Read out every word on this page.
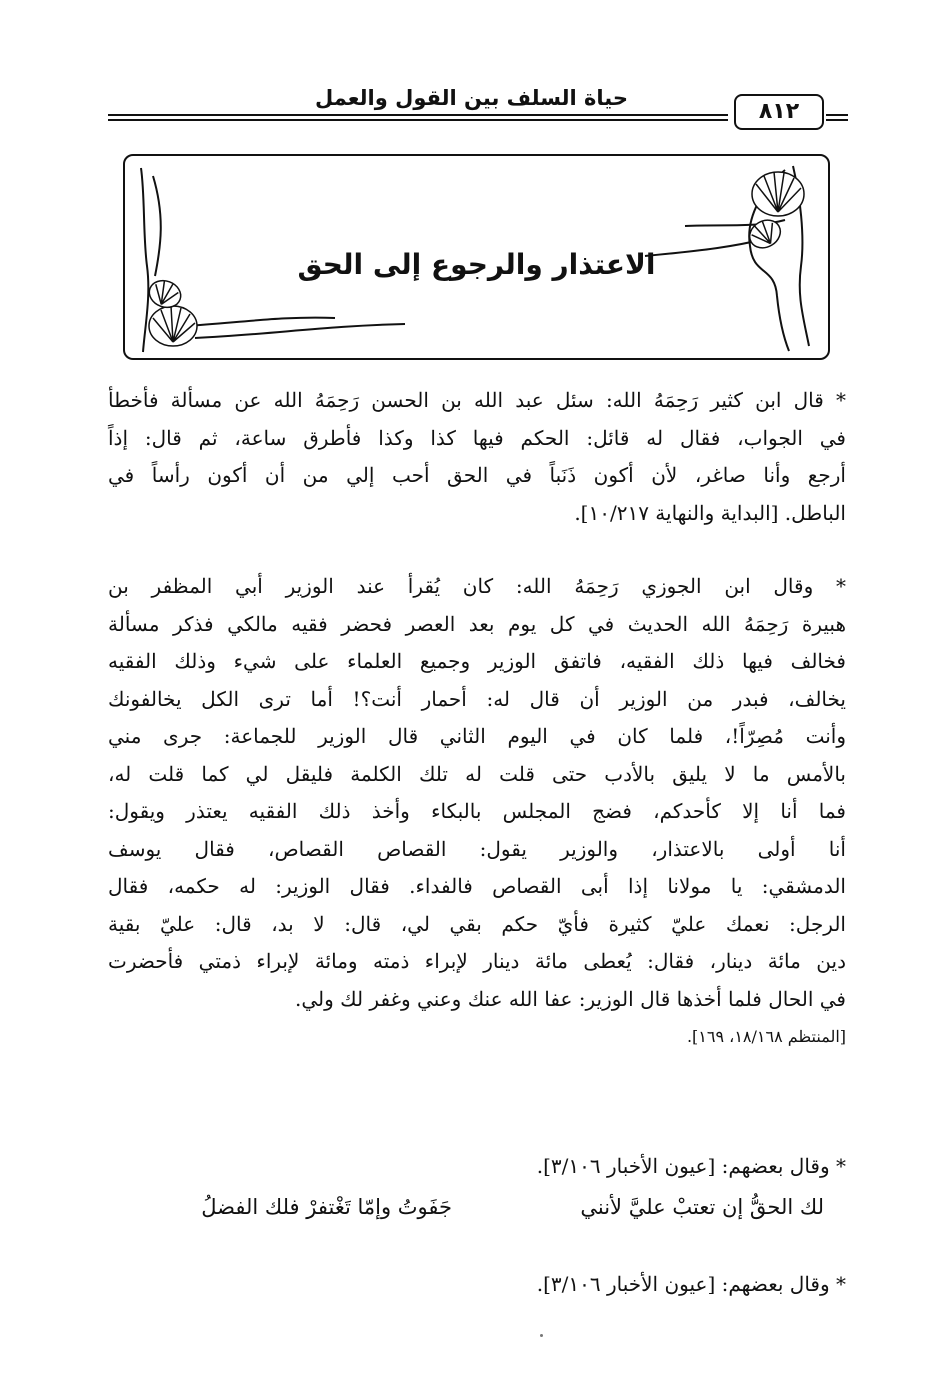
حياة السلف بين القول والعمل
٨١٢
الاعتذار والرجوع إلى الحق
* قال ابن كثير رَحِمَهُ الله: سئل عبد الله بن الحسن رَحِمَهُ الله عن مسألة فأخطأ
في الجواب، فقال له قائل: الحكم فيها كذا وكذا فأطرق ساعة، ثم قال: إذاً
أرجع وأنا صاغر، لأن أكون ذَنَباً في الحق أحب إلي من أن أكون رأساً في
الباطل. [البداية والنهاية ١٠/٢١٧].
* وقال ابن الجوزي رَحِمَهُ الله: كان يُقرأ عند الوزير أبي المظفر بن
هبيرة رَحِمَهُ الله الحديث في كل يوم بعد العصر فحضر فقيه مالكي فذكر مسألة
فخالف فيها ذلك الفقيه، فاتفق الوزير وجميع العلماء على شيء وذلك الفقيه
يخالف، فبدر من الوزير أن قال له: أحمار أنت؟! أما ترى الكل يخالفونك
وأنت مُصِرّاً!، فلما كان في اليوم الثاني قال الوزير للجماعة: جرى مني
بالأمس ما لا يليق بالأدب حتى قلت له تلك الكلمة فليقل لي كما قلت له،
فما أنا إلا كأحدكم، فضج المجلس بالبكاء وأخذ ذلك الفقيه يعتذر ويقول:
أنا أولى بالاعتذار، والوزير يقول: القصاص القصاص، فقال يوسف
الدمشقي: يا مولانا إذا أبى القصاص فالفداء. فقال الوزير: له حكمه، فقال
الرجل: نعمك عليّ كثيرة فأيّ حكم بقي لي، قال: لا بد، قال: عليّ بقية
دين مائة دينار، فقال: يُعطى مائة دينار لإبراء ذمته ومائة لإبراء ذمتي فأحضرت
في الحال فلما أخذها قال الوزير: عفا الله عنك وعني وغفر لك ولي.
[المنتظم ١٨/١٦٨، ١٦٩].
* وقال بعضهم: [عيون الأخبار ٣/١٠٦].
* وقال بعضهم: [عيون الأخبار ٣/١٠٦].
لك الحقُّ إن تعتبْ عليَّ لأنني
جَفَوتُ وإمّا تَغْتفرْ فلك الفضلُ
